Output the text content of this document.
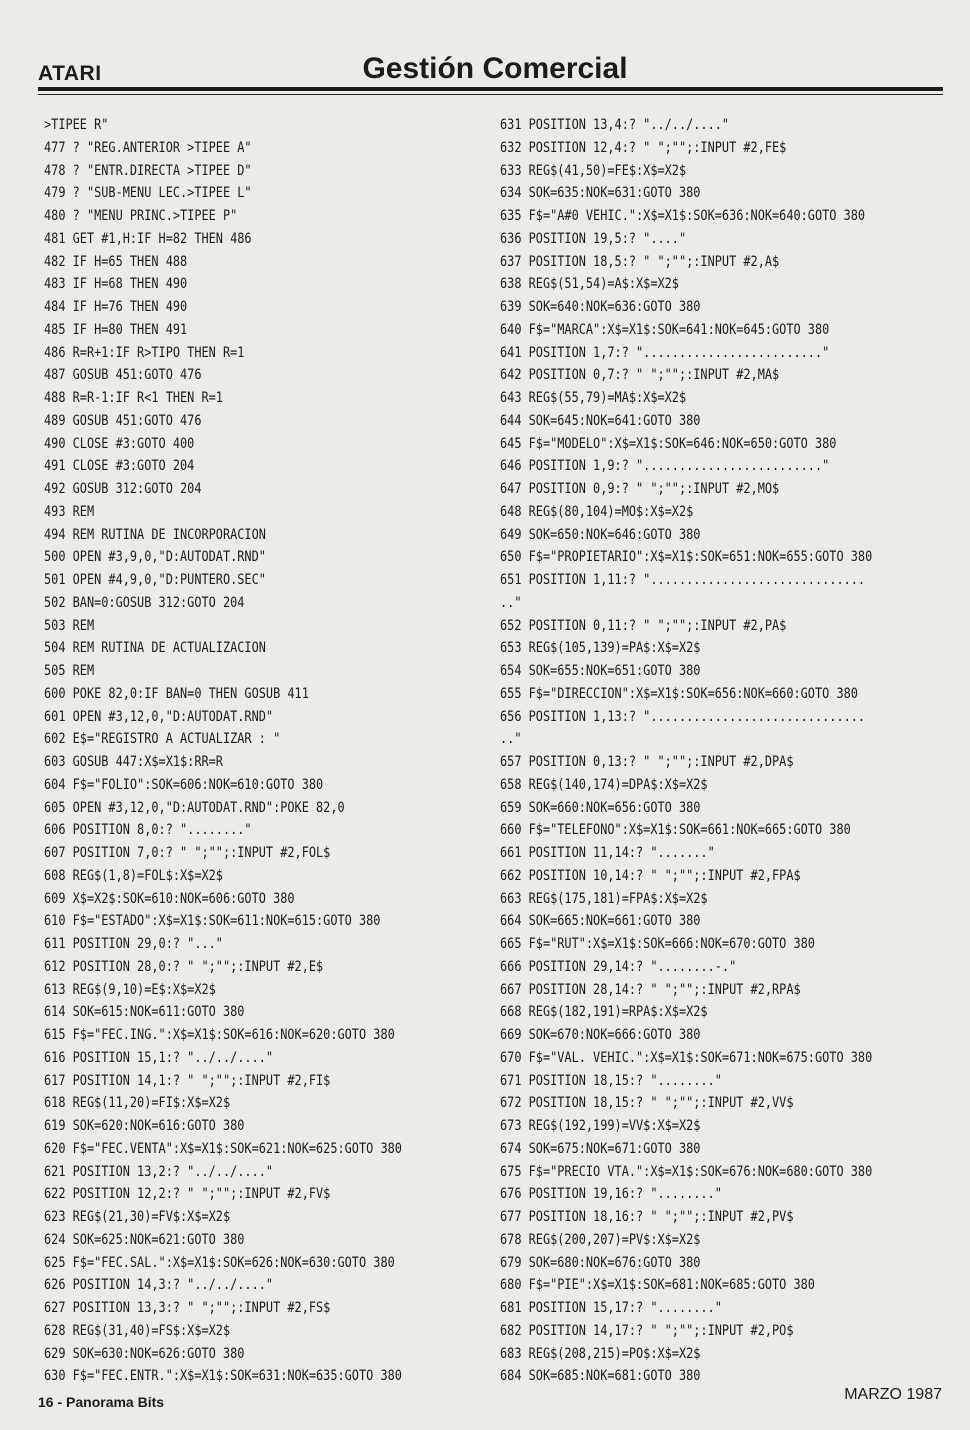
ATARI	Gestión Comercial
>TIPEE R"
477 ? "REG.ANTERIOR >TIPEE A"
478 ? "ENTR.DIRECTA >TIPEE D"
479 ? "SUB-MENU LEC.>TIPEE L"
480 ? "MENU PRINC.>TIPEE P"
481 GET #1,H:IF H=82 THEN 486
482 IF H=65 THEN 488
483 IF H=68 THEN 490
484 IF H=76 THEN 490
485 IF H=80 THEN 491
486 R=R+1:IF R>TIPO THEN R=1
487 GOSUB 451:GOTO 476
488 R=R-1:IF R<1 THEN R=1
489 GOSUB 451:GOTO 476
490 CLOSE #3:GOTO 400
491 CLOSE #3:GOTO 204
492 GOSUB 312:GOTO 204
493 REM
494 REM RUTINA DE INCORPORACION
500 OPEN #3,9,0,"D:AUTODAT.RND"
501 OPEN #4,9,0,"D:PUNTERO.SEC"
502 BAN=0:GOSUB 312:GOTO 204
503 REM
504 REM RUTINA DE ACTUALIZACION
505 REM
600 POKE 82,0:IF BAN=0 THEN GOSUB 411
601 OPEN #3,12,0,"D:AUTODAT.RND"
602 E$="REGISTRO A ACTUALIZAR : "
603 GOSUB 447:X$=X1$:RR=R
604 F$="FOLIO":SOK=606:NOK=610:GOTO 380
605 OPEN #3,12,0,"D:AUTODAT.RND":POKE 82,0
606 POSITION 8,0:? "........"
607 POSITION 7,0:? " ";"";:INPUT #2,FOL$
608 REG$(1,8)=FOL$:X$=X2$
609 X$=X2$:SOK=610:NOK=606:GOTO 380
610 F$="ESTADO":X$=X1$:SOK=611:NOK=615:GOTO 380
611 POSITION 29,0:? "..."
612 POSITION 28,0:? " ";"";:INPUT #2,E$
613 REG$(9,10)=E$:X$=X2$
614 SOK=615:NOK=611:GOTO 380
615 F$="FEC.ING.":X$=X1$:SOK=616:NOK=620:GOTO 380
616 POSITION 15,1:? "../../...."
617 POSITION 14,1:? " ";"";:INPUT #2,FI$
618 REG$(11,20)=FI$:X$=X2$
619 SOK=620:NOK=616:GOTO 380
620 F$="FEC.VENTA":X$=X1$:SOK=621:NOK=625:GOTO 380
621 POSITION 13,2:? "../../...."
622 POSITION 12,2:? " ";"";:INPUT #2,FV$
623 REG$(21,30)=FV$:X$=X2$
624 SOK=625:NOK=621:GOTO 380
625 F$="FEC.SAL.":X$=X1$:SOK=626:NOK=630:GOTO 380
626 POSITION 14,3:? "../../...."
627 POSITION 13,3:? " ";"";:INPUT #2,FS$
628 REG$(31,40)=FS$:X$=X2$
629 SOK=630:NOK=626:GOTO 380
630 F$="FEC.ENTR.":X$=X1$:SOK=631:NOK=635:GOTO 380
631 POSITION 13,4:? "../../...."
632 POSITION 12,4:? " ";"";:INPUT #2,FE$
633 REG$(41,50)=FE$:X$=X2$
634 SOK=635:NOK=631:GOTO 380
635 F$="A#0 VEHIC.":X$=X1$:SOK=636:NOK=640:GOTO 380
636 POSITION 19,5:? "...."
637 POSITION 18,5:? " ";"";:INPUT #2,A$
638 REG$(51,54)=A$:X$=X2$
639 SOK=640:NOK=636:GOTO 380
640 F$="MARCA":X$=X1$:SOK=641:NOK=645:GOTO 380
641 POSITION 1,7:? "........................."
642 POSITION 0,7:? " ";"";:INPUT #2,MA$
643 REG$(55,79)=MA$:X$=X2$
644 SOK=645:NOK=641:GOTO 380
645 F$="MODELO":X$=X1$:SOK=646:NOK=650:GOTO 380
646 POSITION 1,9:? "........................."
647 POSITION 0,9:? " ";"";:INPUT #2,MO$
648 REG$(80,104)=MO$:X$=X2$
649 SOK=650:NOK=646:GOTO 380
650 F$="PROPIETARIO":X$=X1$:SOK=651:NOK=655:GOTO 380
651 POSITION 1,11:? "..............................
.."
652 POSITION 0,11:? " ";"";:INPUT #2,PA$
653 REG$(105,139)=PA$:X$=X2$
654 SOK=655:NOK=651:GOTO 380
655 F$="DIRECCION":X$=X1$:SOK=656:NOK=660:GOTO 380
656 POSITION 1,13:? "..............................
.."
657 POSITION 0,13:? " ";"";:INPUT #2,DPA$
658 REG$(140,174)=DPA$:X$=X2$
659 SOK=660:NOK=656:GOTO 380
660 F$="TELEFONO":X$=X1$:SOK=661:NOK=665:GOTO 380
661 POSITION 11,14:? "......."
662 POSITION 10,14:? " ";"";:INPUT #2,FPA$
663 REG$(175,181)=FPA$:X$=X2$
664 SOK=665:NOK=661:GOTO 380
665 F$="RUT":X$=X1$:SOK=666:NOK=670:GOTO 380
666 POSITION 29,14:? "........-."
667 POSITION 28,14:? " ";"";:INPUT #2,RPA$
668 REG$(182,191)=RPA$:X$=X2$
669 SOK=670:NOK=666:GOTO 380
670 F$="VAL. VEHIC.":X$=X1$:SOK=671:NOK=675:GOTO 380
671 POSITION 18,15:? "........"
672 POSITION 18,15:? " ";"";:INPUT #2,VV$
673 REG$(192,199)=VV$:X$=X2$
674 SOK=675:NOK=671:GOTO 380
675 F$="PRECIO VTA.":X$=X1$:SOK=676:NOK=680:GOTO 380
676 POSITION 19,16:? "........"
677 POSITION 18,16:? " ";"";:INPUT #2,PV$
678 REG$(200,207)=PV$:X$=X2$
679 SOK=680:NOK=676:GOTO 380
680 F$="PIE":X$=X1$:SOK=681:NOK=685:GOTO 380
681 POSITION 15,17:? "........"
682 POSITION 14,17:? " ";"";:INPUT #2,PO$
683 REG$(208,215)=PO$:X$=X2$
684 SOK=685:NOK=681:GOTO 380
16 - Panorama Bits	MARZO 1987
